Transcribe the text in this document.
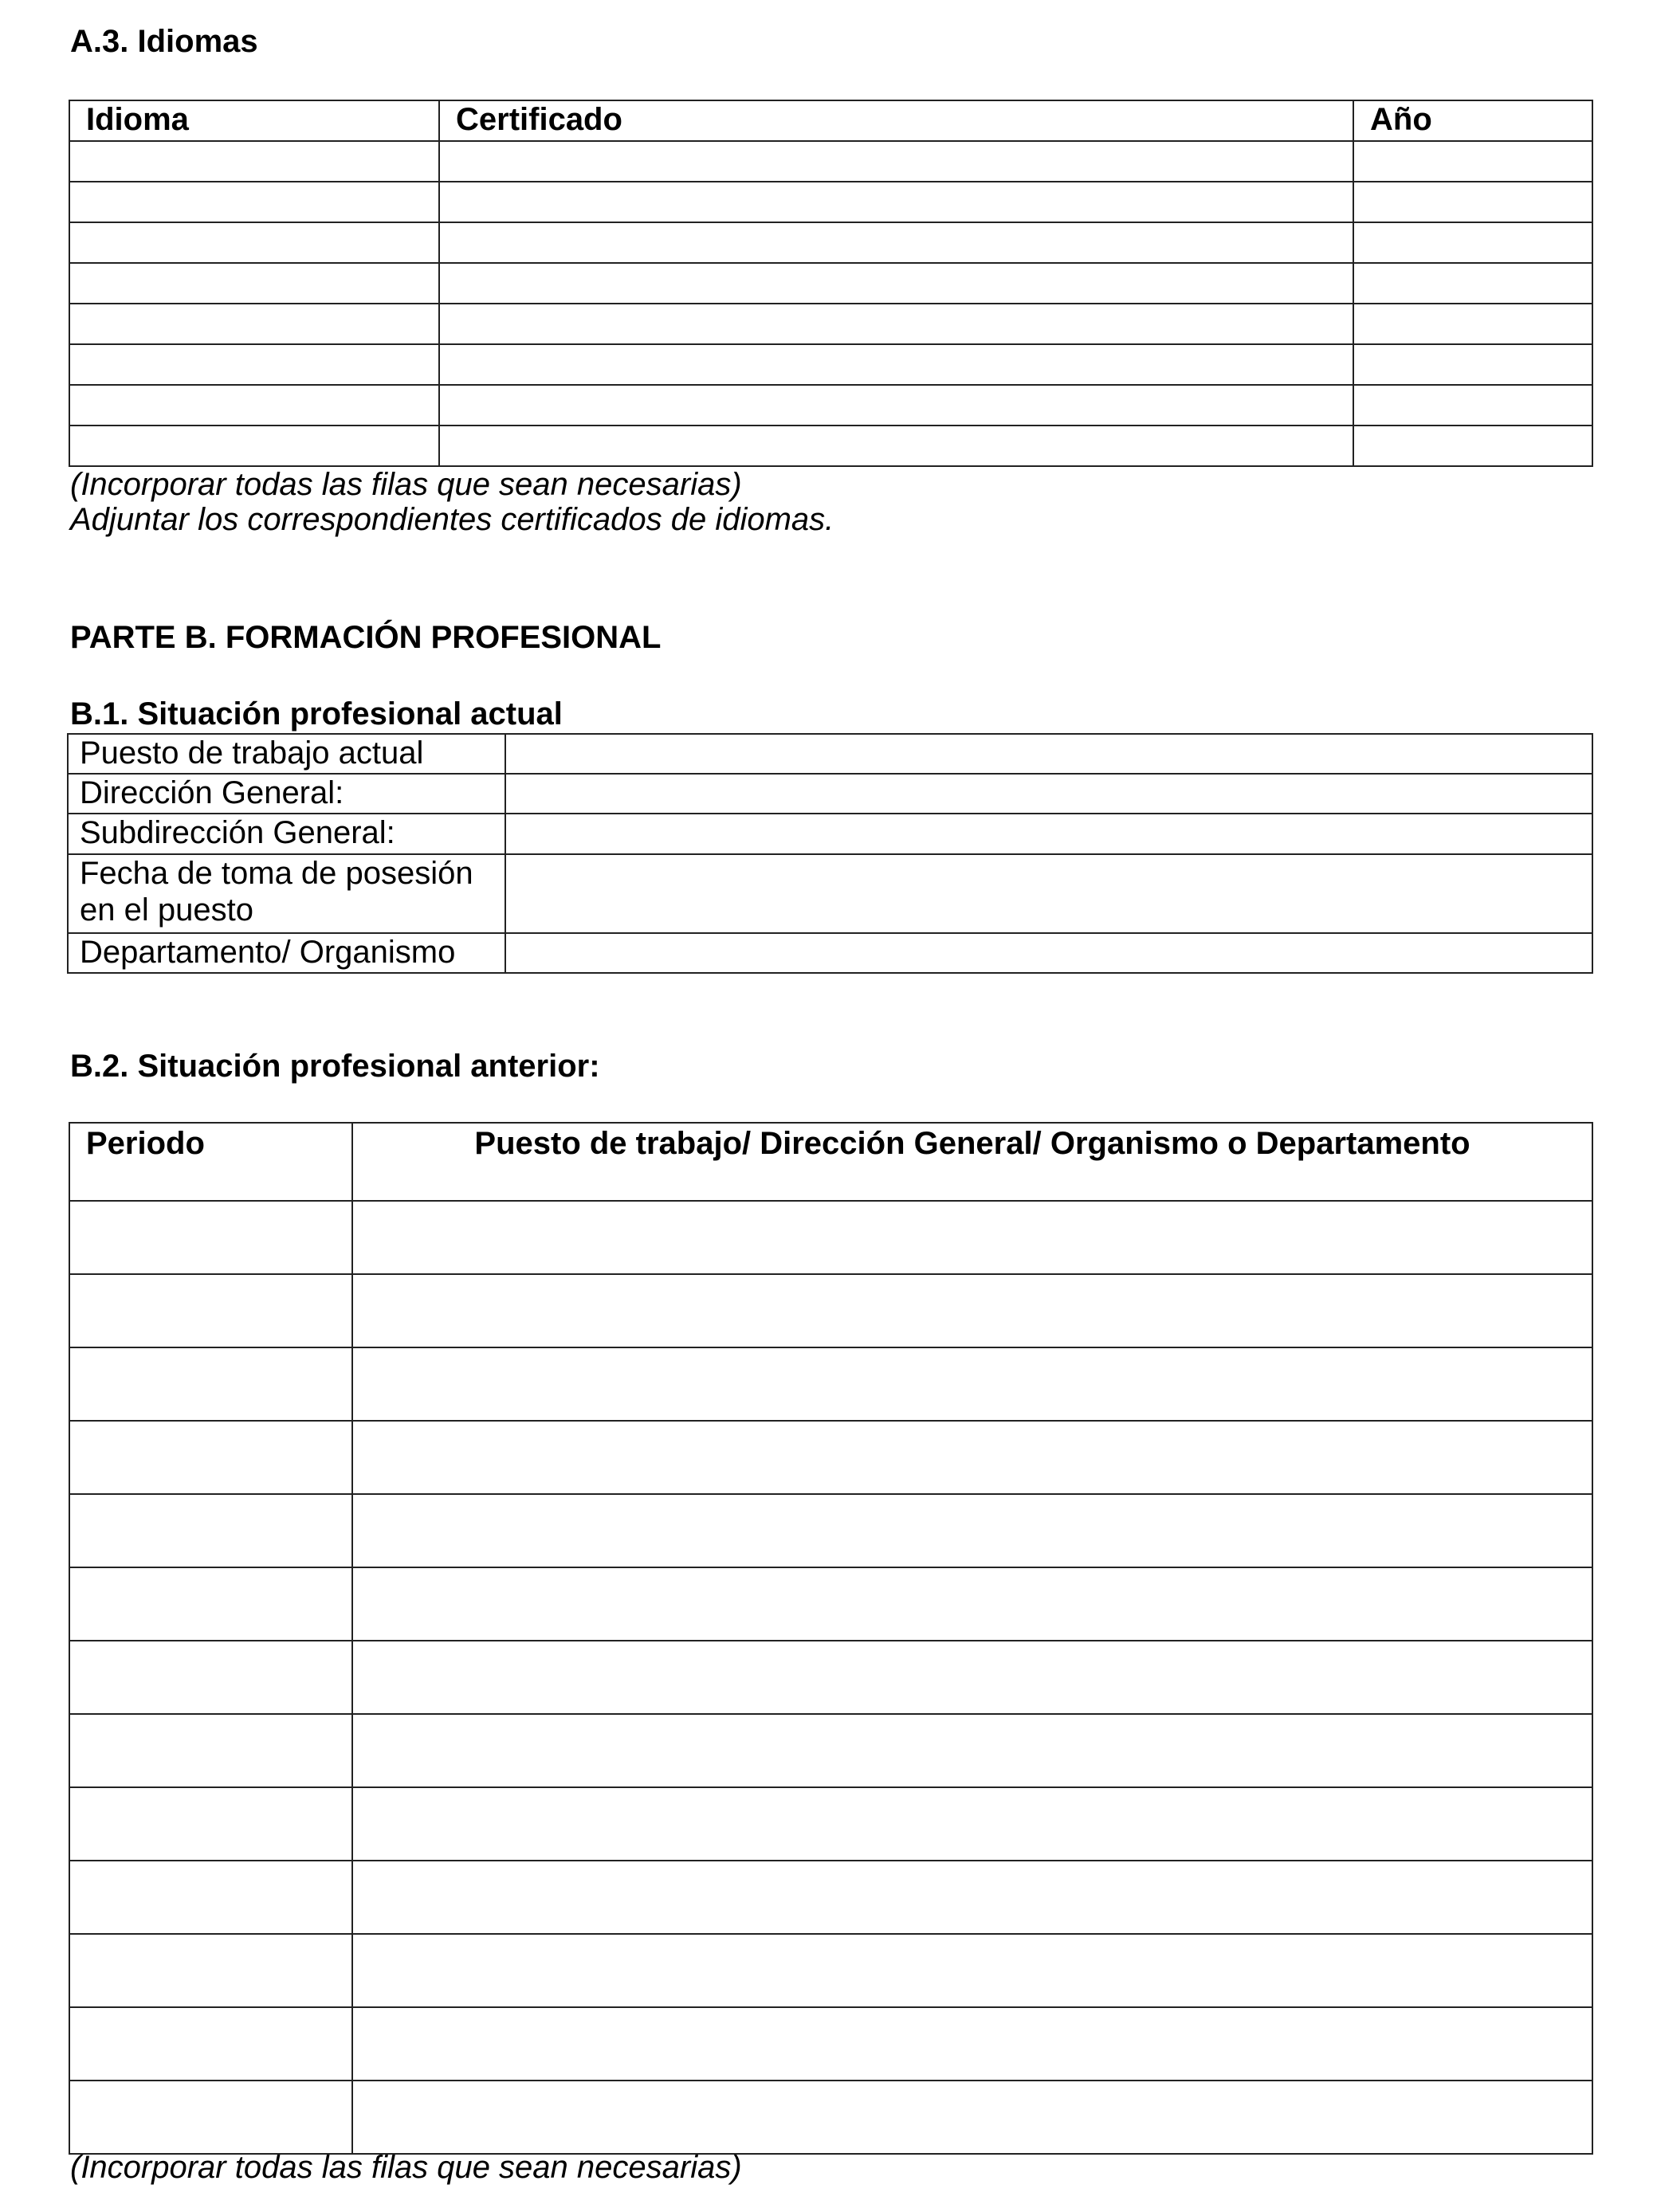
A.3. Idiomas
Idioma	Certificado	Año

(Incorporar todas las filas que sean necesarias)
Adjuntar los correspondientes certificados de idiomas.
PARTE B. FORMACIÓN PROFESIONAL
B.1. Situación profesional actual
Puesto de trabajo actual	
Dirección General:	
Subdirección General:	
Fecha de toma de posesión en el puesto	
Departamento/ Organismo	
B.2. Situación profesional anterior:
Periodo	Puesto de trabajo/ Dirección General/ Organismo o Departamento

(Incorporar todas las filas que sean necesarias)
